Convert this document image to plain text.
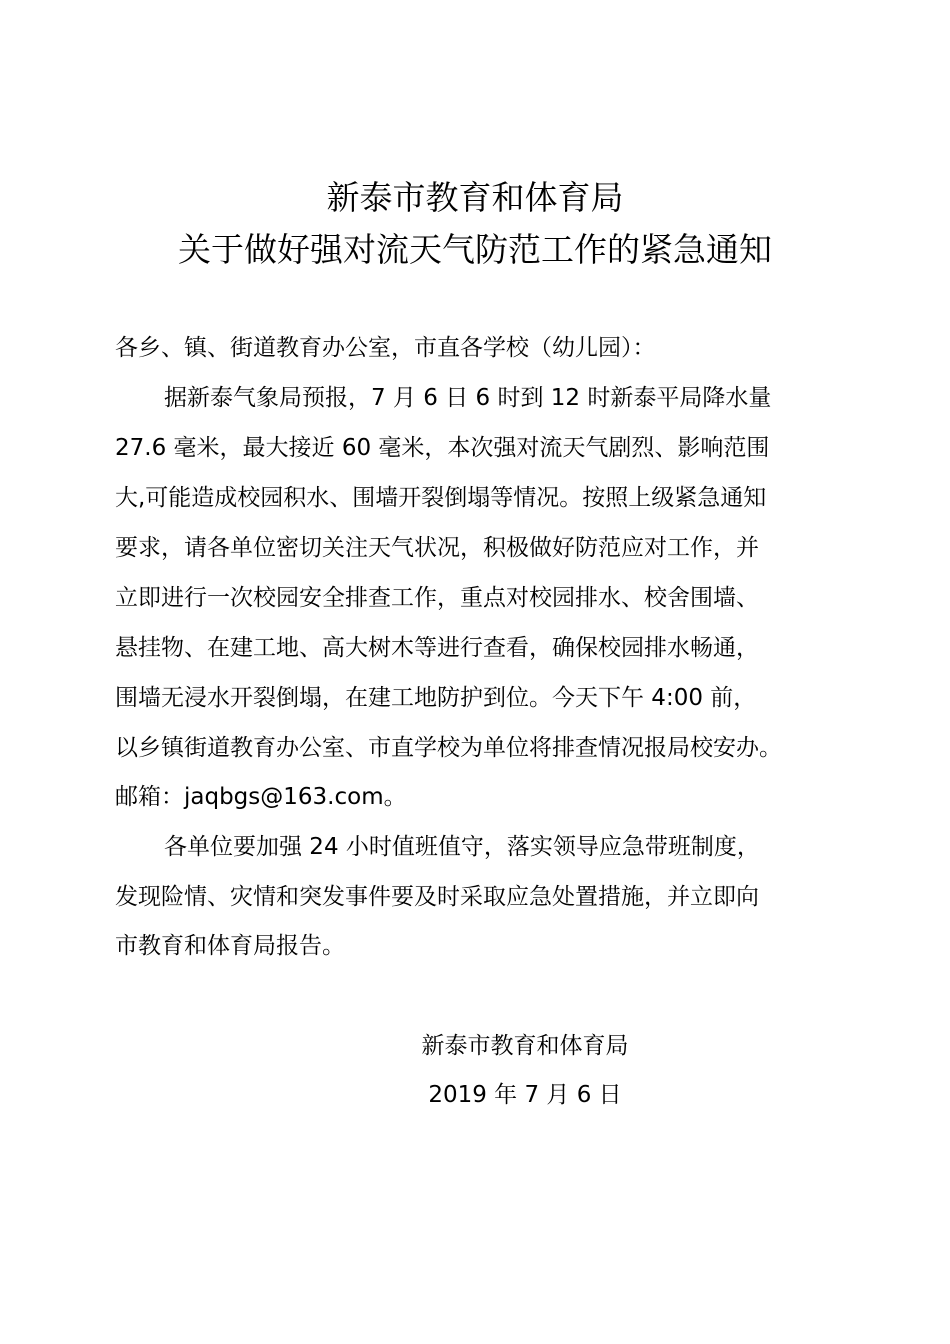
新泰市教育和体育局
关于做好强对流天气防范工作的紧急通知
各乡、镇、街道教育办公室，市直各学校（幼儿园）：
据新泰气象局预报，7 月 6 日 6 时到 12 时新泰平局降水量
27.6 毫米，最大接近 60 毫米，本次强对流天气剧烈、影响范围
大,可能造成校园积水、围墙开裂倒塌等情况。按照上级紧急通知
要求，请各单位密切关注天气状况，积极做好防范应对工作，并
立即进行一次校园安全排查工作，重点对校园排水、校舍围墙、
悬挂物、在建工地、高大树木等进行查看，确保校园排水畅通，
围墙无浸水开裂倒塌，在建工地防护到位。今天下午 4:00 前，
以乡镇街道教育办公室、市直学校为单位将排查情况报局校安办。
邮箱：jaqbgs@163.com。
各单位要加强 24 小时值班值守，落实领导应急带班制度，
发现险情、灾情和突发事件要及时采取应急处置措施，并立即向
市教育和体育局报告。
新泰市教育和体育局
2019 年 7 月 6 日
